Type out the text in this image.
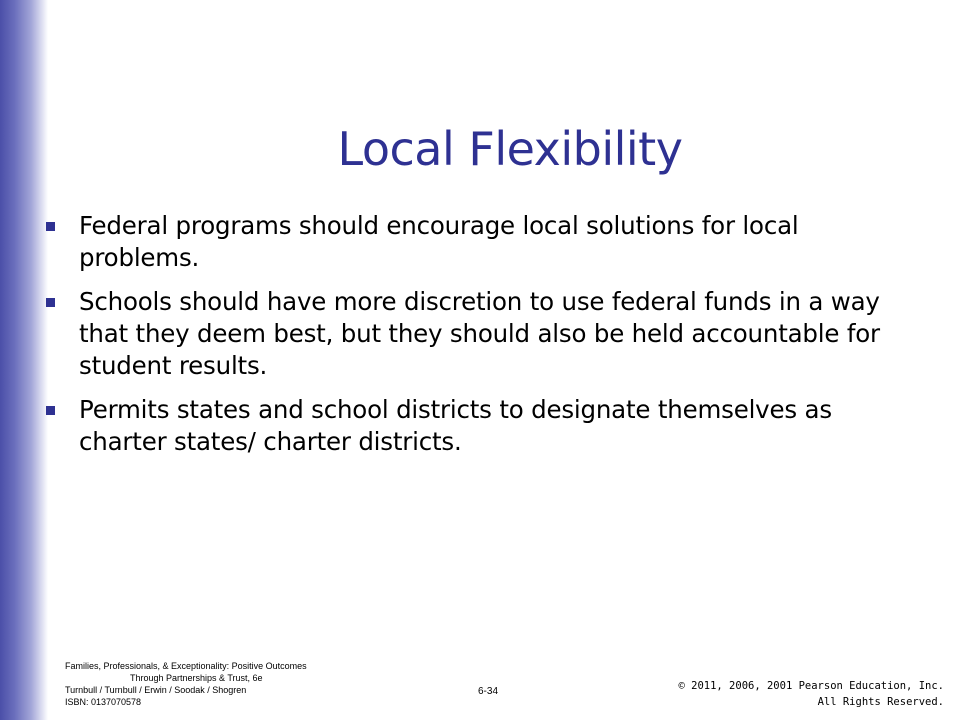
Local Flexibility
Federal programs should encourage local solutions for local problems.
Schools should have more discretion to use federal funds in a way that they deem best, but they should also be held accountable for student results.
Permits states and school districts to designate themselves as charter states/ charter districts.
Families, Professionals, & Exceptionality: Positive Outcomes
Through Partnerships & Trust, 6e
Turnbull / Turnbull / Erwin / Soodak / Shogren
ISBN: 0137070578
6-34	© 2011, 2006, 2001 Pearson Education, Inc.
All Rights Reserved.
